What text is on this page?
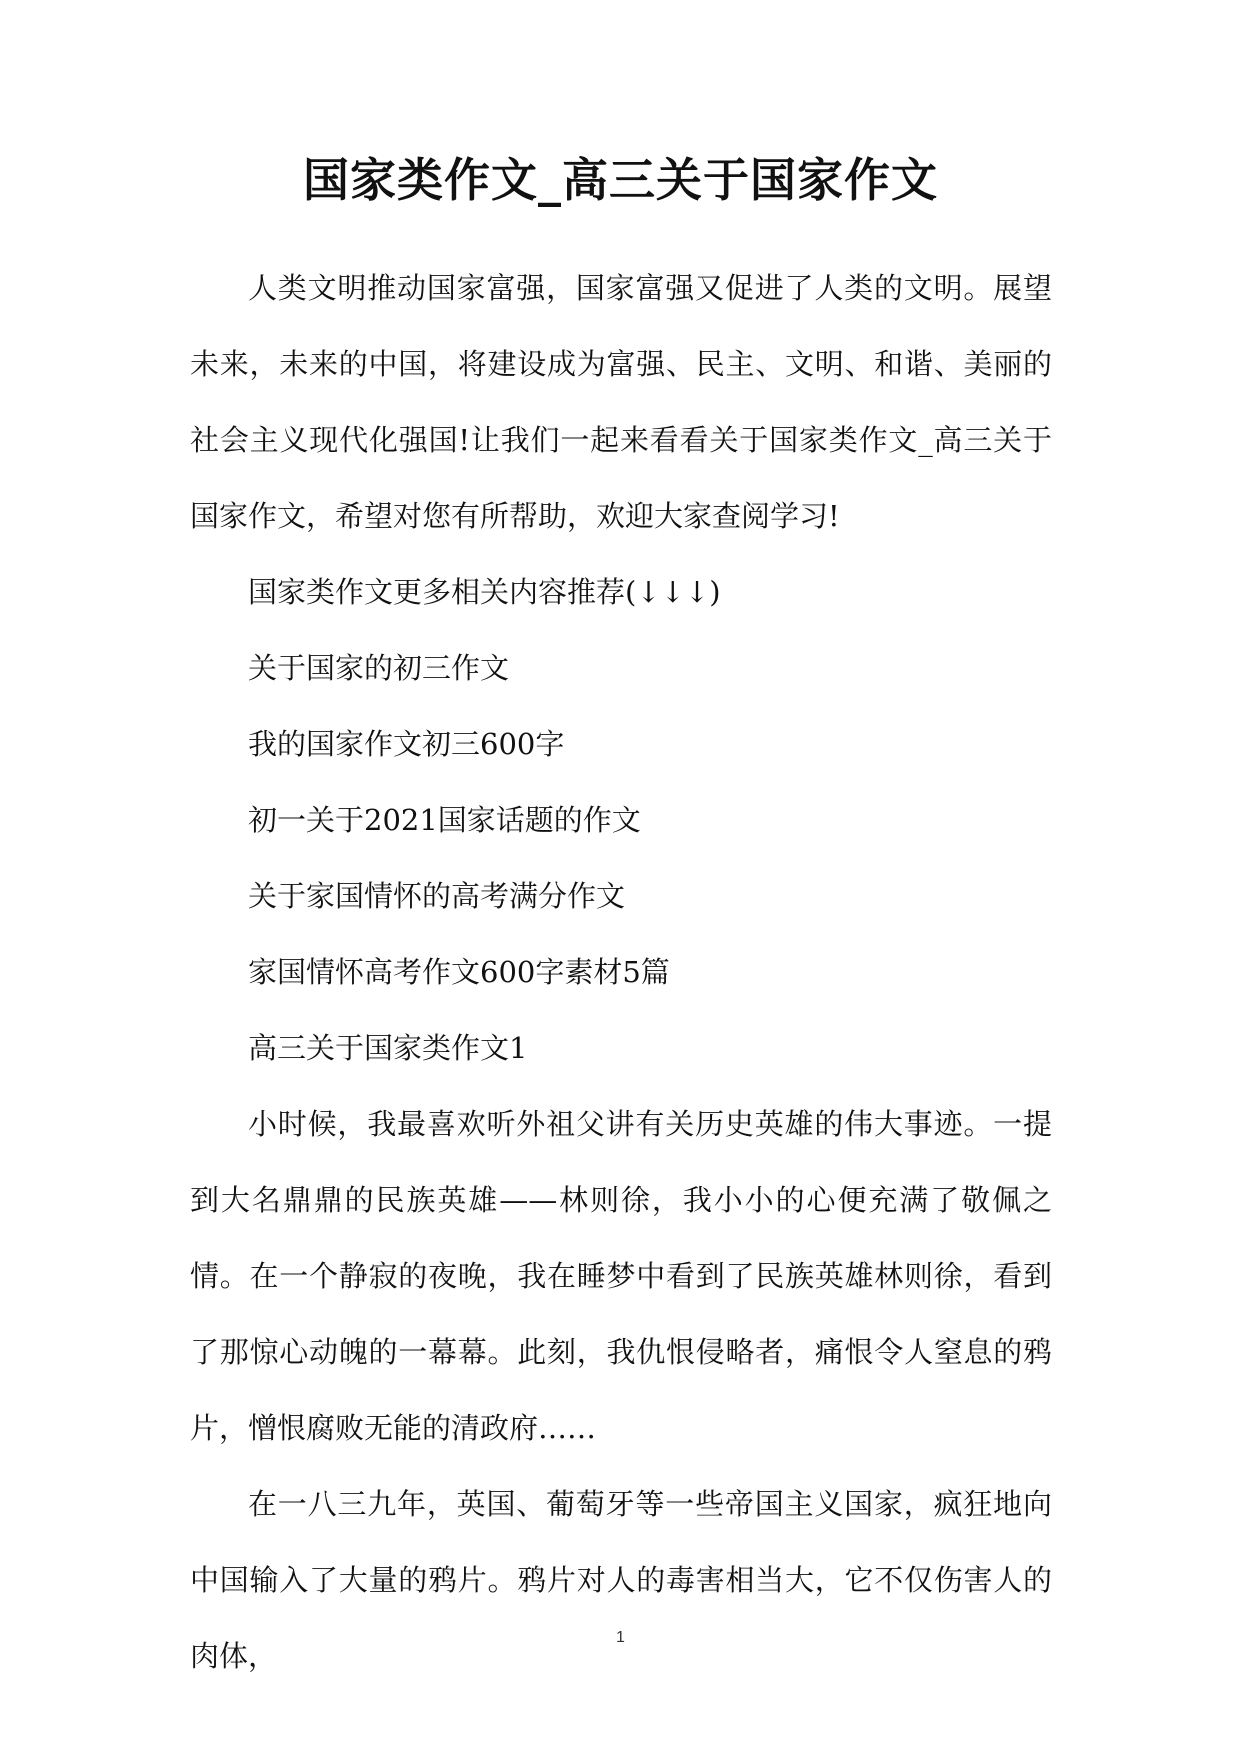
国家类作文_高三关于国家作文

人类文明推动国家富强，国家富强又促进了人类的文明。展望未来，未来的中国，将建设成为富强、民主、文明、和谐、美丽的社会主义现代化强国!让我们一起来看看关于国家类作文_高三关于国家作文，希望对您有所帮助，欢迎大家查阅学习!

国家类作文更多相关内容推荐(↓↓↓)

关于国家的初三作文

我的国家作文初三600字

初一关于2021国家话题的作文

关于家国情怀的高考满分作文

家国情怀高考作文600字素材5篇

高三关于国家类作文1

小时候，我最喜欢听外祖父讲有关历史英雄的伟大事迹。一提到大名鼎鼎的民族英雄——林则徐，我小小的心便充满了敬佩之情。在一个静寂的夜晚，我在睡梦中看到了民族英雄林则徐，看到了那惊心动魄的一幕幕。此刻，我仇恨侵略者，痛恨令人窒息的鸦片，憎恨腐败无能的清政府……

在一八三九年，英国、葡萄牙等一些帝国主义国家，疯狂地向中国输入了大量的鸦片。鸦片对人的毒害相当大，它不仅伤害人的肉体，

1
